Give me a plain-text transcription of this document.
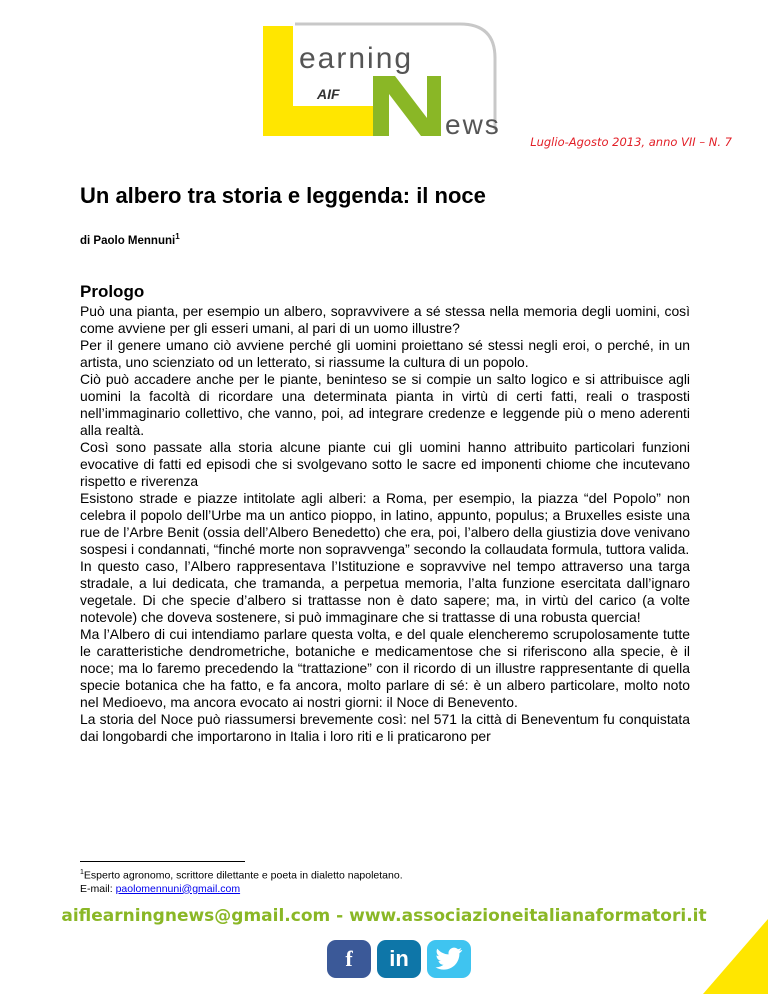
AIF
earning
ews
Luglio-Agosto 2013, anno VII – N. 7
Un albero tra storia e leggenda: il noce
di Paolo Mennuni$^1$
Prologo

Può una pianta, per esempio un albero, sopravvivere a sé stessa nella memoria degli uomini, così come avviene per gli esseri umani, al pari di un uomo illustre?

Per il genere umano ciò avviene perché gli uomini proiettano sé stessi negli eroi, o perché, in un artista, uno scienziato od un letterato, si riassume la cultura di un popolo.

Ciò può accadere anche per le piante, beninteso se si compie un salto logico e si attribuisce agli uomini la facoltà di ricordare una determinata pianta in virtù di certi fatti, reali o trasposti nell’immaginario collettivo, che vanno, poi, ad integrare credenze e leggende più o meno aderenti alla realtà.

Così sono passate alla storia alcune piante cui gli uomini hanno attribuito particolari funzioni evocative di fatti ed episodi che si svolgevano sotto le sacre ed imponenti chiome che incutevano rispetto e riverenza

Esistono strade e piazze intitolate agli alberi: a Roma, per esempio, la piazza “del Popolo” non celebra il popolo dell’Urbe ma un antico pioppo, in latino, appunto, populus; a Bruxelles esiste una rue de l’Arbre Benit (ossia dell’Albero Benedetto) che era, poi, l’albero della giustizia dove venivano sospesi i condannati, “finché morte non sopravvenga” secondo la collaudata formula, tuttora valida.

In questo caso, l’Albero rappresentava l’Istituzione e sopravvive nel tempo attraverso una targa stradale, a lui dedicata, che tramanda, a perpetua memoria, l’alta funzione esercitata dall’ignaro vegetale. Di che specie d’albero si trattasse non è dato sapere; ma, in virtù del carico (a volte notevole) che doveva sostenere, si può immaginare che si trattasse di una robusta quercia!

Ma l’Albero di cui intendiamo parlare questa volta, e del quale elencheremo scrupolosamente tutte le caratteristiche dendrometriche, botaniche e medicamentose che si riferiscono alla specie, è il noce; ma lo faremo precedendo la “trattazione” con il ricordo di un illustre rappresentante di quella specie botanica che ha fatto, e fa ancora, molto parlare di sé: è un albero particolare, molto noto nel Medioevo, ma ancora evocato ai nostri giorni: il Noce di Benevento.

La storia del Noce può riassumersi brevemente così: nel 571 la città di Beneventum fu conquistata dai longobardi che importarono in Italia i loro riti e li praticarono per

$^1$Esperto agronomo, scrittore dilettante e poeta in dialetto napoletano.
E-mail: paolomennuni@gmail.com
aiflearningnews@gmail.com - www.associazioneitalianaformatori.it
f	in
